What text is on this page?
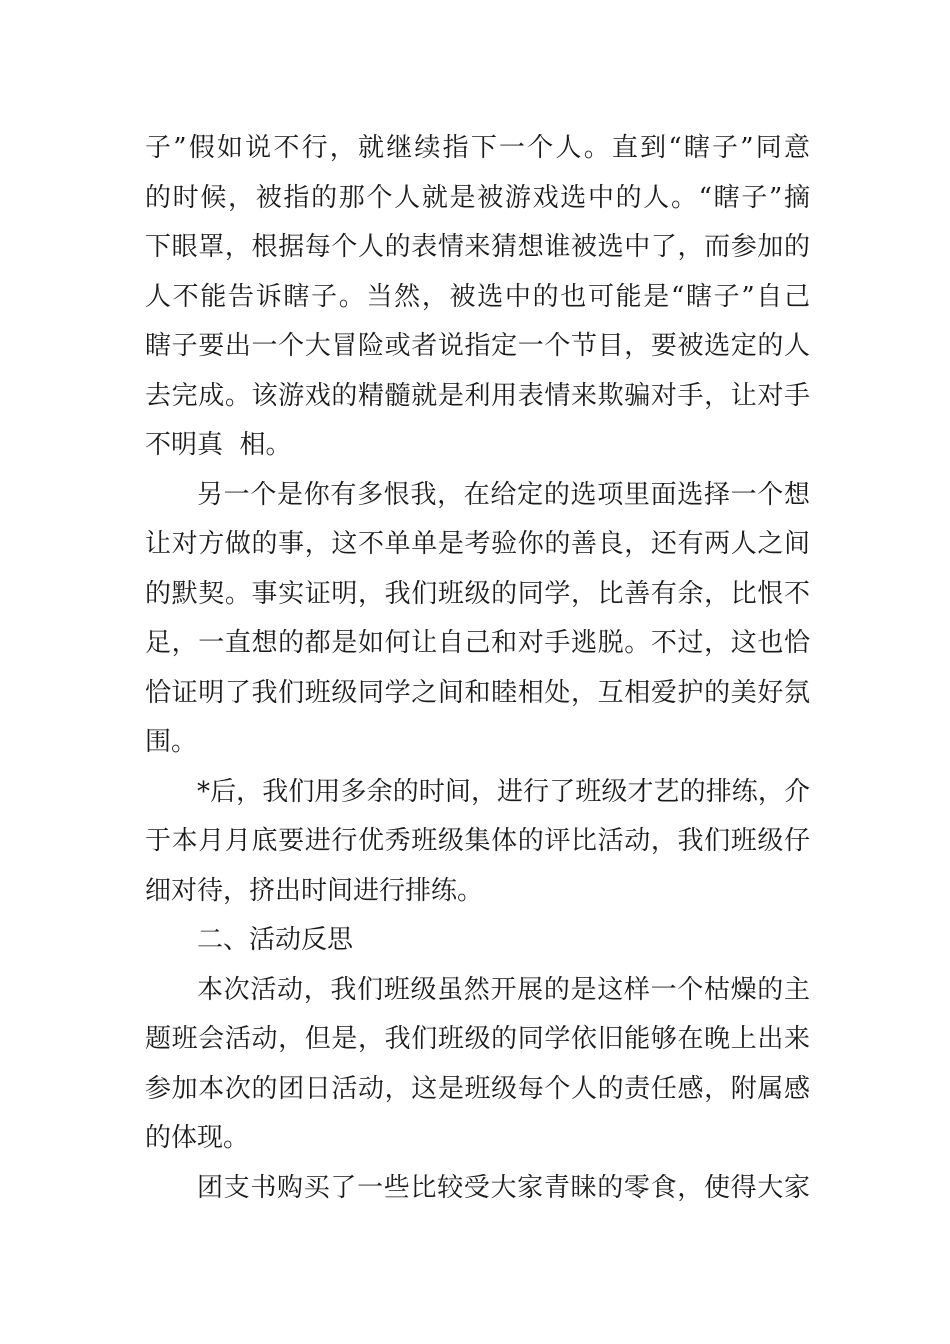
子”假如说不行，就继续指下一个人。直到“瞎子”同意
的时候，被指的那个人就是被游戏选中的人。“瞎子”摘
下眼罩，根据每个人的表情来猜想谁被选中了，而参加的
人不能告诉瞎子。当然，被选中的也可能是“瞎子”自己
瞎子要出一个大冒险或者说指定一个节目，要被选定的人
去完成。该游戏的精髓就是利用表情来欺骗对手，让对手
不明真  相。
另一个是你有多恨我，在给定的选项里面选择一个想
让对方做的事，这不单单是考验你的善良，还有两人之间
的默契。事实证明，我们班级的同学，比善有余，比恨不
足，一直想的都是如何让自己和对手逃脱。不过，这也恰
恰证明了我们班级同学之间和睦相处，互相爱护的美好氛
围。
*后，我们用多余的时间，进行了班级才艺的排练，介
于本月月底要进行优秀班级集体的评比活动，我们班级仔
细对待，挤出时间进行排练。
二、活动反思
本次活动，我们班级虽然开展的是这样一个枯燥的主
题班会活动，但是，我们班级的同学依旧能够在晚上出来
参加本次的团日活动，这是班级每个人的责任感，附属感
的体现。
团支书购买了一些比较受大家青睐的零食，使得大家
